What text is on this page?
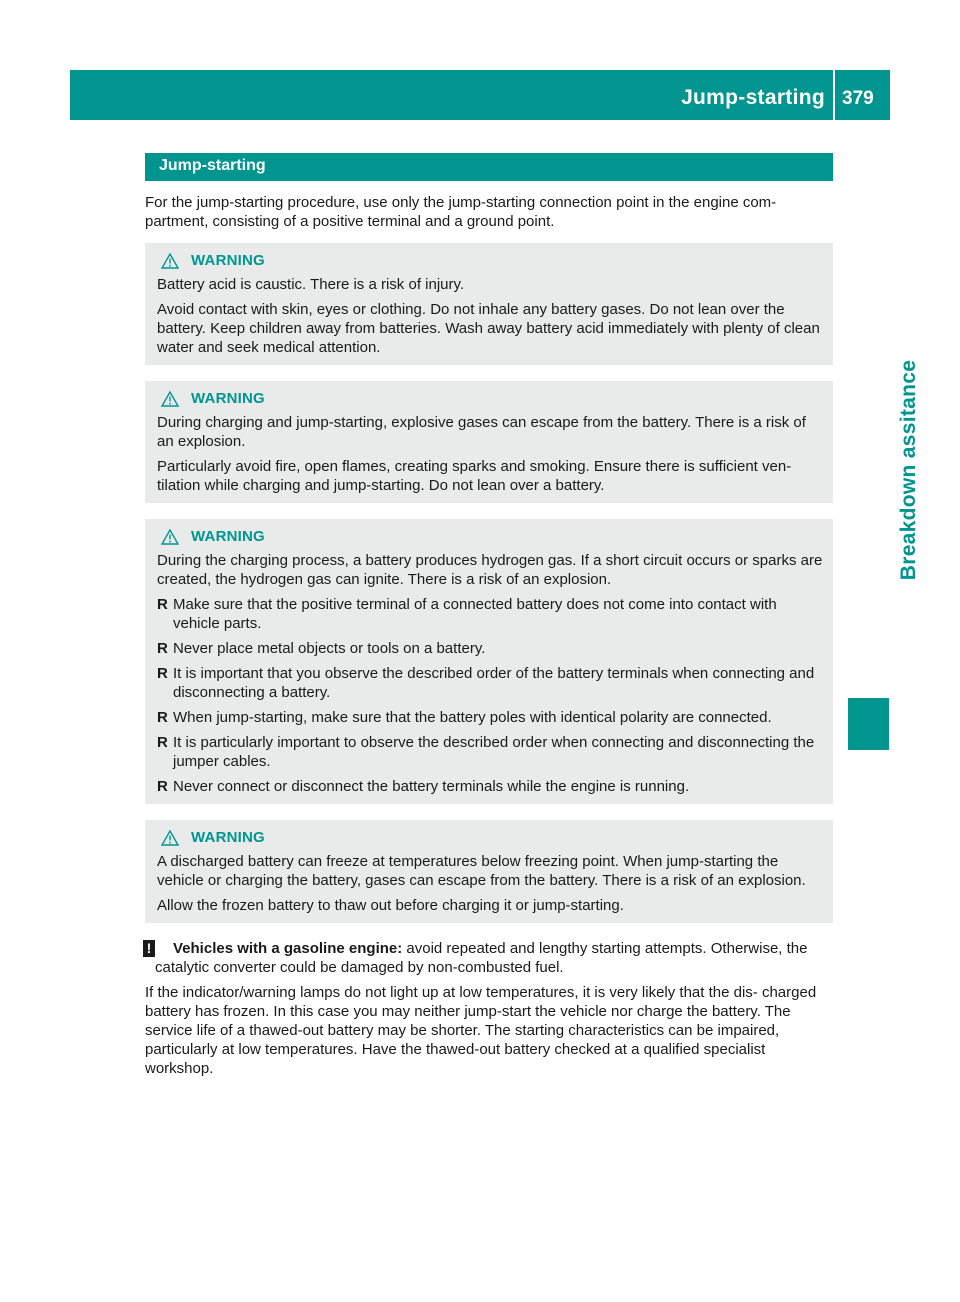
Jump-starting 379
Breakdown assitance
Jump-starting

For the jump-starting procedure, use only the jump-starting connection point in the engine com- partment, consisting of a positive terminal and a ground point.

WARNING

Battery acid is caustic. There is a risk of injury.

Avoid contact with skin, eyes or clothing. Do not inhale any battery gases. Do not lean over the battery. Keep children away from batteries. Wash away battery acid immediately with plenty of clean water and seek medical attention.

WARNING

During charging and jump-starting, explosive gases can escape from the battery. There is a risk of an explosion.

Particularly avoid fire, open flames, creating sparks and smoking. Ensure there is sufficient ven- tilation while charging and jump-starting. Do not lean over a battery.

WARNING

During the charging process, a battery produces hydrogen gas. If a short circuit occurs or sparks are created, the hydrogen gas can ignite. There is a risk of an explosion.

R Make sure that the positive terminal of a connected battery does not come into contact with vehicle parts.
R Never place metal objects or tools on a battery.
R It is important that you observe the described order of the battery terminals when connecting and disconnecting a battery.
R When jump-starting, make sure that the battery poles with identical polarity are connected.
R It is particularly important to observe the described order when connecting and disconnecting the jumper cables.
R Never connect or disconnect the battery terminals while the engine is running.
WARNING

A discharged battery can freeze at temperatures below freezing point. When jump-starting the vehicle or charging the battery, gases can escape from the battery. There is a risk of an explosion.

Allow the frozen battery to thaw out before charging it or jump-starting.

! Vehicles with a gasoline engine: avoid repeated and lengthy starting attempts. Otherwise, the catalytic converter could be damaged by non-combusted fuel.

If the indicator/warning lamps do not light up at low temperatures, it is very likely that the dis- charged battery has frozen. In this case you may neither jump-start the vehicle nor charge the battery. The service life of a thawed-out battery may be shorter. The starting characteristics can be impaired, particularly at low temperatures. Have the thawed-out battery checked at a qualified specialist workshop.
